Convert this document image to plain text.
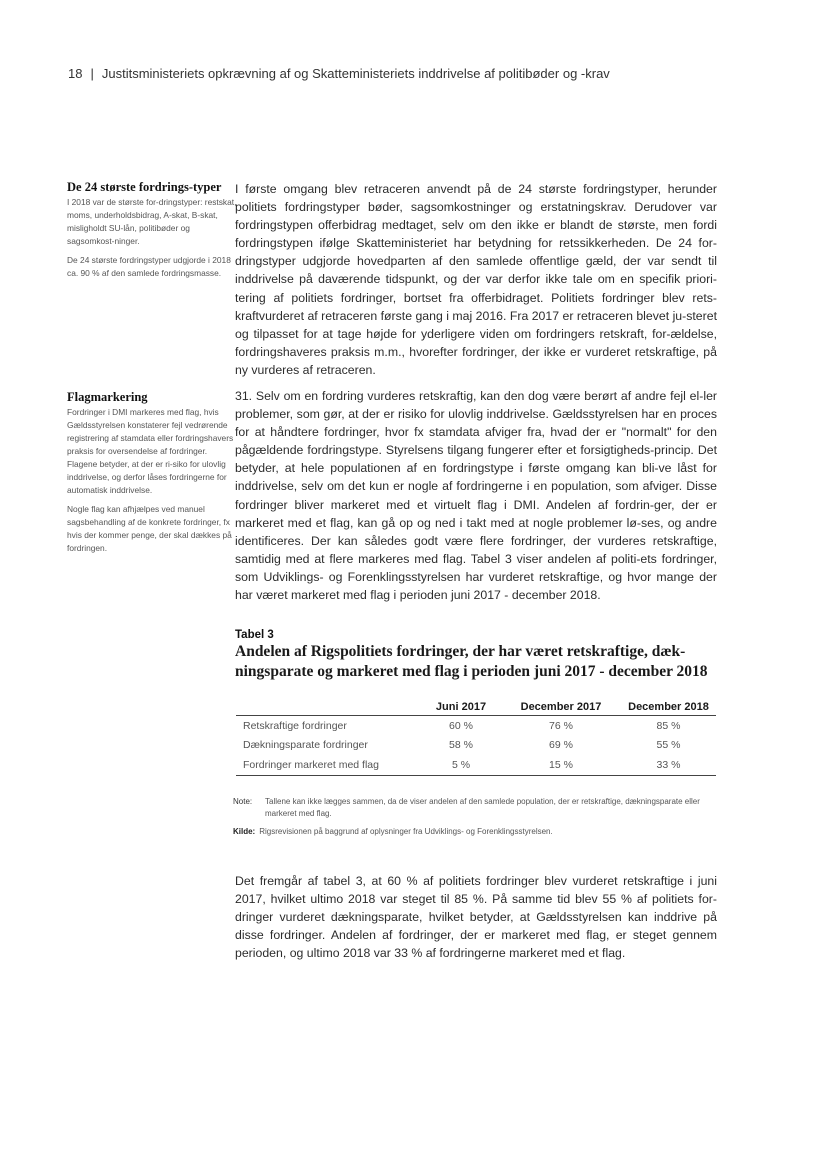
18 | Justitsministeriets opkrævning af og Skatteministeriets inddrivelse af politibøder og -krav

De 24 største fordrings-typer

I 2018 var de største for-dringstyper: restskat, moms, underholdsbidrag, A-skat, B-skat, misligholdt SU-lån, politibøder og sagsomkost-ninger.

De 24 største fordringstyper udgjorde i 2018 ca. 90 % af den samlede fordringsmasse.

Flagmarkering

Fordringer i DMI markeres med flag, hvis Gældsstyrelsen konstaterer fejl vedrørende registrering af stamdata eller fordringshavers praksis for oversendelse af fordringer. Flagene betyder, at der er ri-siko for ulovlig inddrivelse, og derfor låses fordringerne for automatisk inddrivelse.

Nogle flag kan afhjælpes ved manuel sagsbehandling af de konkrete fordringer, fx hvis der kommer penge, der skal dækkes på fordringen.

I første omgang blev retraceren anvendt på de 24 største fordringstyper, herunder politiets fordringstyper bøder, sagsomkostninger og erstatningskrav. Derudover var fordringstypen offerbidrag medtaget, selv om den ikke er blandt de største, men fordi fordringstypen ifølge Skatteministeriet har betydning for retssikkerheden. De 24 for-dringstyper udgjorde hovedparten af den samlede offentlige gæld, der var sendt til inddrivelse på daværende tidspunkt, og der var derfor ikke tale om en specifik priori-tering af politiets fordringer, bortset fra offerbidraget. Politiets fordringer blev rets-kraftvurderet af retraceren første gang i maj 2016. Fra 2017 er retraceren blevet ju-steret og tilpasset for at tage højde for yderligere viden om fordringers retskraft, for-ældelse, fordringshaveres praksis m.m., hvorefter fordringer, der ikke er vurderet retskraftige, på ny vurderes af retraceren.

31. Selv om en fordring vurderes retskraftig, kan den dog være berørt af andre fejl el-ler problemer, som gør, at der er risiko for ulovlig inddrivelse. Gældsstyrelsen har en proces for at håndtere fordringer, hvor fx stamdata afviger fra, hvad der er "normalt" for den pågældende fordringstype. Styrelsens tilgang fungerer efter et forsigtigheds-princip. Det betyder, at hele populationen af en fordringstype i første omgang kan bli-ve låst for inddrivelse, selv om det kun er nogle af fordringerne i en population, som afviger. Disse fordringer bliver markeret med et virtuelt flag i DMI. Andelen af fordrin-ger, der er markeret med et flag, kan gå op og ned i takt med at nogle problemer lø-ses, og andre identificeres. Der kan således godt være flere fordringer, der vurderes retskraftige, samtidig med at flere markeres med flag. Tabel 3 viser andelen af politi-ets fordringer, som Udviklings- og Forenklingsstyrelsen har vurderet retskraftige, og hvor mange der har været markeret med flag i perioden juni 2017 - december 2018.

Tabel 3

Andelen af Rigspolitiets fordringer, der har været retskraftige, dæk-ningsparate og markeret med flag i perioden juni 2017 - december 2018

	Juni 2017	December 2017	December 2018
Retskraftige fordringer	60 %	76 %	85 %
Dækningsparate fordringer	58 %	69 %	55 %
Fordringer markeret med flag	5 %	15 %	33 %
Note: Tallene kan ikke lægges sammen, da de viser andelen af den samlede population, der er retskraftige, dækningsparate eller markeret med flag.
Kilde: Rigsrevisionen på baggrund af oplysninger fra Udviklings- og Forenklingsstyrelsen.

Det fremgår af tabel 3, at 60 % af politiets fordringer blev vurderet retskraftige i juni 2017, hvilket ultimo 2018 var steget til 85 %. På samme tid blev 55 % af politiets for-dringer vurderet dækningsparate, hvilket betyder, at Gældsstyrelsen kan inddrive på disse fordringer. Andelen af fordringer, der er markeret med flag, er steget gennem perioden, og ultimo 2018 var 33 % af fordringerne markeret med et flag.
